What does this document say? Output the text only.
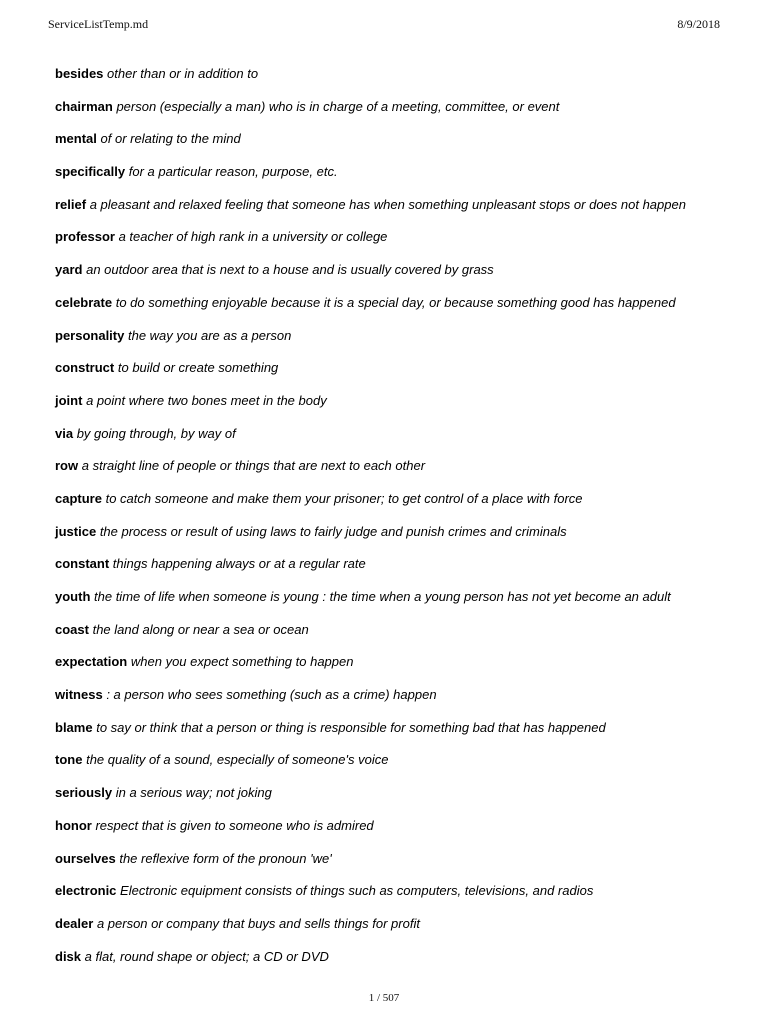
ServiceListTemp.md	8/9/2018
besides other than or in addition to
chairman person (especially a man) who is in charge of a meeting, committee, or event
mental of or relating to the mind
specifically for a particular reason, purpose, etc.
relief a pleasant and relaxed feeling that someone has when something unpleasant stops or does not happen
professor a teacher of high rank in a university or college
yard an outdoor area that is next to a house and is usually covered by grass
celebrate to do something enjoyable because it is a special day, or because something good has happened
personality the way you are as a person
construct to build or create something
joint a point where two bones meet in the body
via by going through, by way of
row a straight line of people or things that are next to each other
capture to catch someone and make them your prisoner; to get control of a place with force
justice the process or result of using laws to fairly judge and punish crimes and criminals
constant things happening always or at a regular rate
youth the time of life when someone is young : the time when a young person has not yet become an adult
coast the land along or near a sea or ocean
expectation when you expect something to happen
witness : a person who sees something (such as a crime) happen
blame to say or think that a person or thing is responsible for something bad that has happened
tone the quality of a sound, especially of someone's voice
seriously in a serious way; not joking
honor respect that is given to someone who is admired
ourselves the reflexive form of the pronoun 'we'
electronic Electronic equipment consists of things such as computers, televisions, and radios
dealer a person or company that buys and sells things for profit
disk a flat, round shape or object; a CD or DVD
1 / 507
